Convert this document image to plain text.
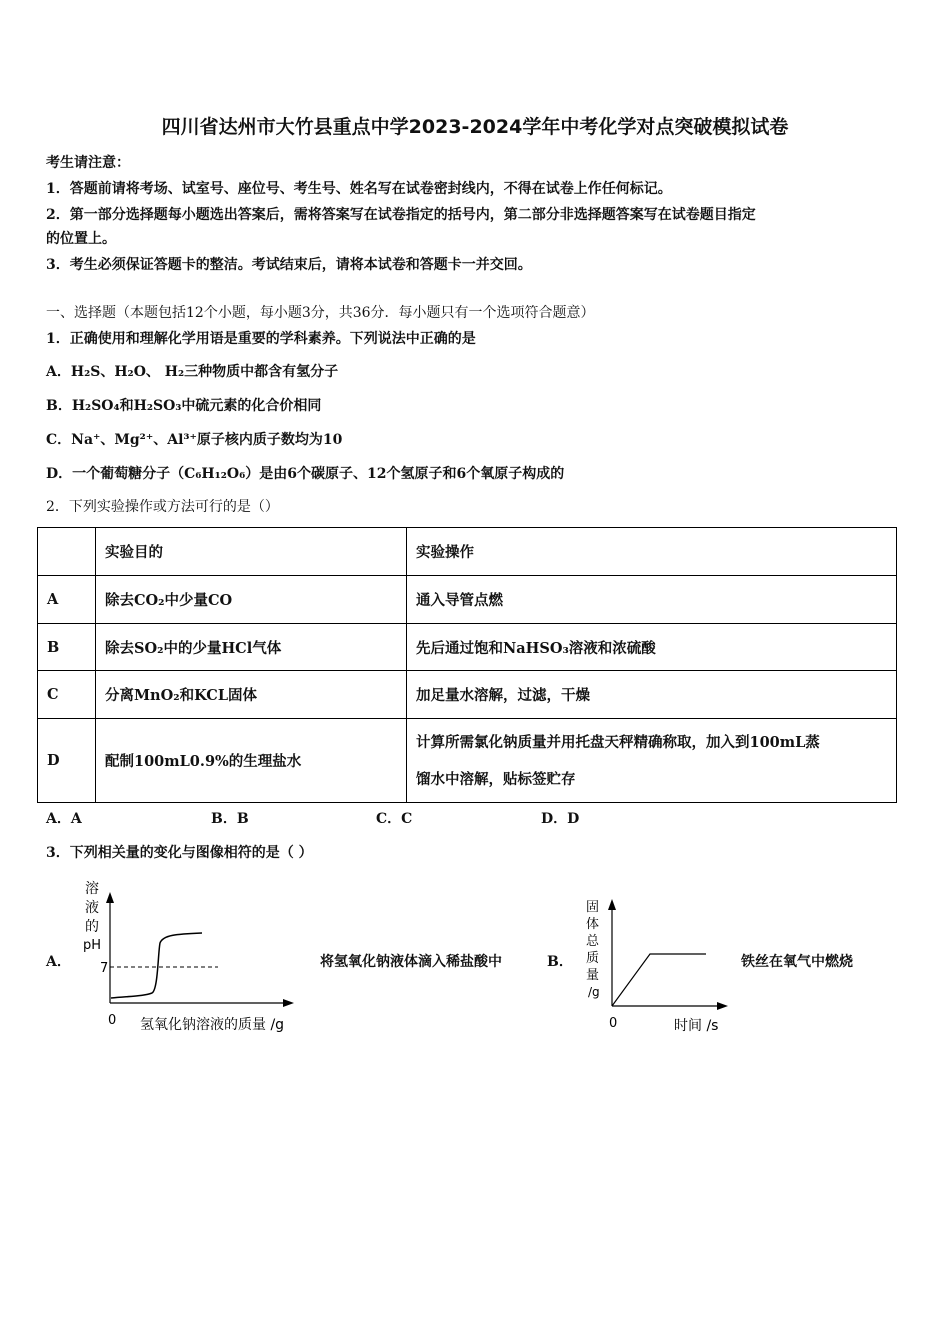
四川省达州市大竹县重点中学2023-2024学年中考化学对点突破模拟试卷
考生请注意：
1．答题前请将考场、试室号、座位号、考生号、姓名写在试卷密封线内，不得在试卷上作任何标记。
2．第一部分选择题每小题选出答案后，需将答案写在试卷指定的括号内，第二部分非选择题答案写在试卷题目指定
的位置上。
3．考生必须保证答题卡的整洁。考试结束后，请将本试卷和答题卡一并交回。
一、选择题（本题包括12个小题，每小题3分，共36分．每小题只有一个选项符合题意）
1．正确使用和理解化学用语是重要的学科素养。下列说法中正确的是
A．H₂S、H₂O、 H₂三种物质中都含有氢分子
B．H₂SO₄和H₂SO₃中硫元素的化合价相同
C．Na⁺、Mg²⁺、Al³⁺原子核内质子数均为10
D．一个葡萄糖分子（C₆H₁₂O₆）是由6个碳原子、12个氢原子和6个氧原子构成的
2．下列实验操作或方法可行的是（）
	实验目的	实验操作
A	除去CO₂中少量CO	通入导管点燃
B	除去SO₂中的少量HCl气体	先后通过饱和NaHSO₃溶液和浓硫酸
C	分离MnO₂和KCL固体	加足量水溶解，过滤，干燥
D	配制100mL0.9%的生理盐水	计算所需氯化钠质量并用托盘天秤精确称取，加入到100mL蒸
馏水中溶解，贴标签贮存
A．A	B．B	C．C	D．D
3．下列相关量的变化与图像相符的是（ ）
A．
溶
液
的
pH
7
0 氢氧化钠溶液的质量 /g
将氢氧化钠液体滴入稀盐酸中	B．
固
体
总
质
量
/g
0	时间 /s
铁丝在氧气中燃烧
